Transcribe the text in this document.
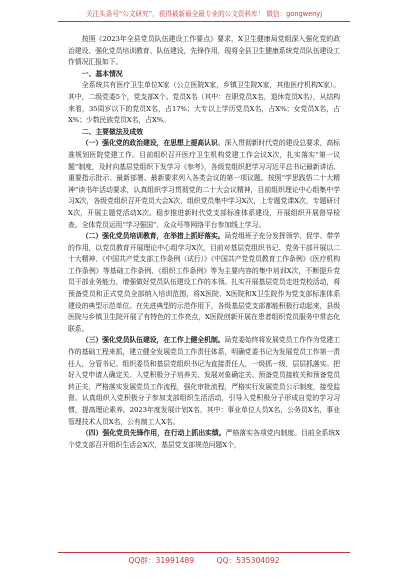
关注头条号“公文研究”，获得最新最全最专业的公文资料库！ 微信：gongwenyj

按照《2023年全县党员队伍建设工作要点》要求，X卫生健康局党组深入强化党的政治建设、强化党员培训教育、队伍建设，先锋作用，现将全县卫生健康系统党员队伍建设工作情况汇报如下。

一、基本情况

全系统共有医疗卫生单位X家（公立医院X家，乡镇卫生院X家，其他医疗机构X家）。其中，二级党委5个，党支部X个。党员X名（其中：在职党员X名，退休党员X名），从结构来看，35周岁以下的党员X名，占17%；大专以上学历党员X名，占X%；女党员X名，占X%；少数民族党员X名，占X%。

二、主要做法及成效

（一）强化党的政治建设，在思想上提高认识。深入贯彻新时代党的建设总要求，高标准规划医院党建工作。目前组织召开医疗卫生机构党建工作会议X次，扎实落实“第一议题”制度，及时向基层党组织下发学习《参考》，各级党组织把学习习近平总书记最新讲话、重要指示批示、最新部署、最新要求列入各类会议的第一项议题。按照“学思践悟二十大精神”读书年活动要求，认真组织学习贯彻党的二十大会议精神，目前组织理论中心组集中学习X次，各级党组织召开党员大会X次，组织党员集中学习X次，上专题党课X次，专题研讨X次，开展主题党活动X次。稳步推进新时代党支部标准体系建设，开展组织开展督导检查。全体党员运用“学习强国”、众众号等网络平台参加线上学习。

（二）强化党员培训教育，在举措上抓好落实。局党组班子充分发挥领学、促学、带学的作用，以党员教育开展理论中心组学习X次，目前对基层党组织书记、党务干部开展以二十大精神、《中国共产党支部工作条例（试行）》《中国共产党党员教育工作条例》《医疗机构工作条例》等基础工作条例、《组织工作条例》等为主要内容的集中培训X次，不断提升党员干部业务能力，增强做好党员队伍建设工作的本领。扎实开展基层党员走进党校活动，将预备党员和正式党员全部纳入培训范围，将X医院、X医院和X卫生院作为党支部标准体系建设的典型示范单位。在先进典型的示范作用下，各级基层党支部都能积极行动起来，县级医院与乡镇卫生院开展了有特色的工作亮点，X医院创新开展在患者组织党员服务中常态化联系。

（三）强化党员队伍建设，在工作上健全机制。局党委始终将发展党员工作作为党建工作的基础工程来抓，建立健全发展党员工作责任体系，明确党委书记为发展党员工作第一责任人，分管书记、组织委员和基层党组织书记为直接责任人，一级抓一级，层层抓落实。把好入党申请人确定关、入党积极分子培养关、发展对象确定关、预备党员接收关和预备党员转正关，严格落实发展党员工作流程，强化审批流程，严格实行发展党员公示制度，接受监督。认真组织入党积极分子参加支部组织生活活动，引导入党积极分子形成自觉的学习习惯，提高理论素养。2023年度发展计划X名，其中：事业单位人员X名，公务员X名，事业管理技术人员X名，公有制工人X名。

（四）强化党员先锋作用，在行动上抓出实绩。严格落实各项党内制度。目前全系统X个党支部召开组织生活会X次，基层党支部规范问题X个，

QQ群：31991489	QQ：535304092
